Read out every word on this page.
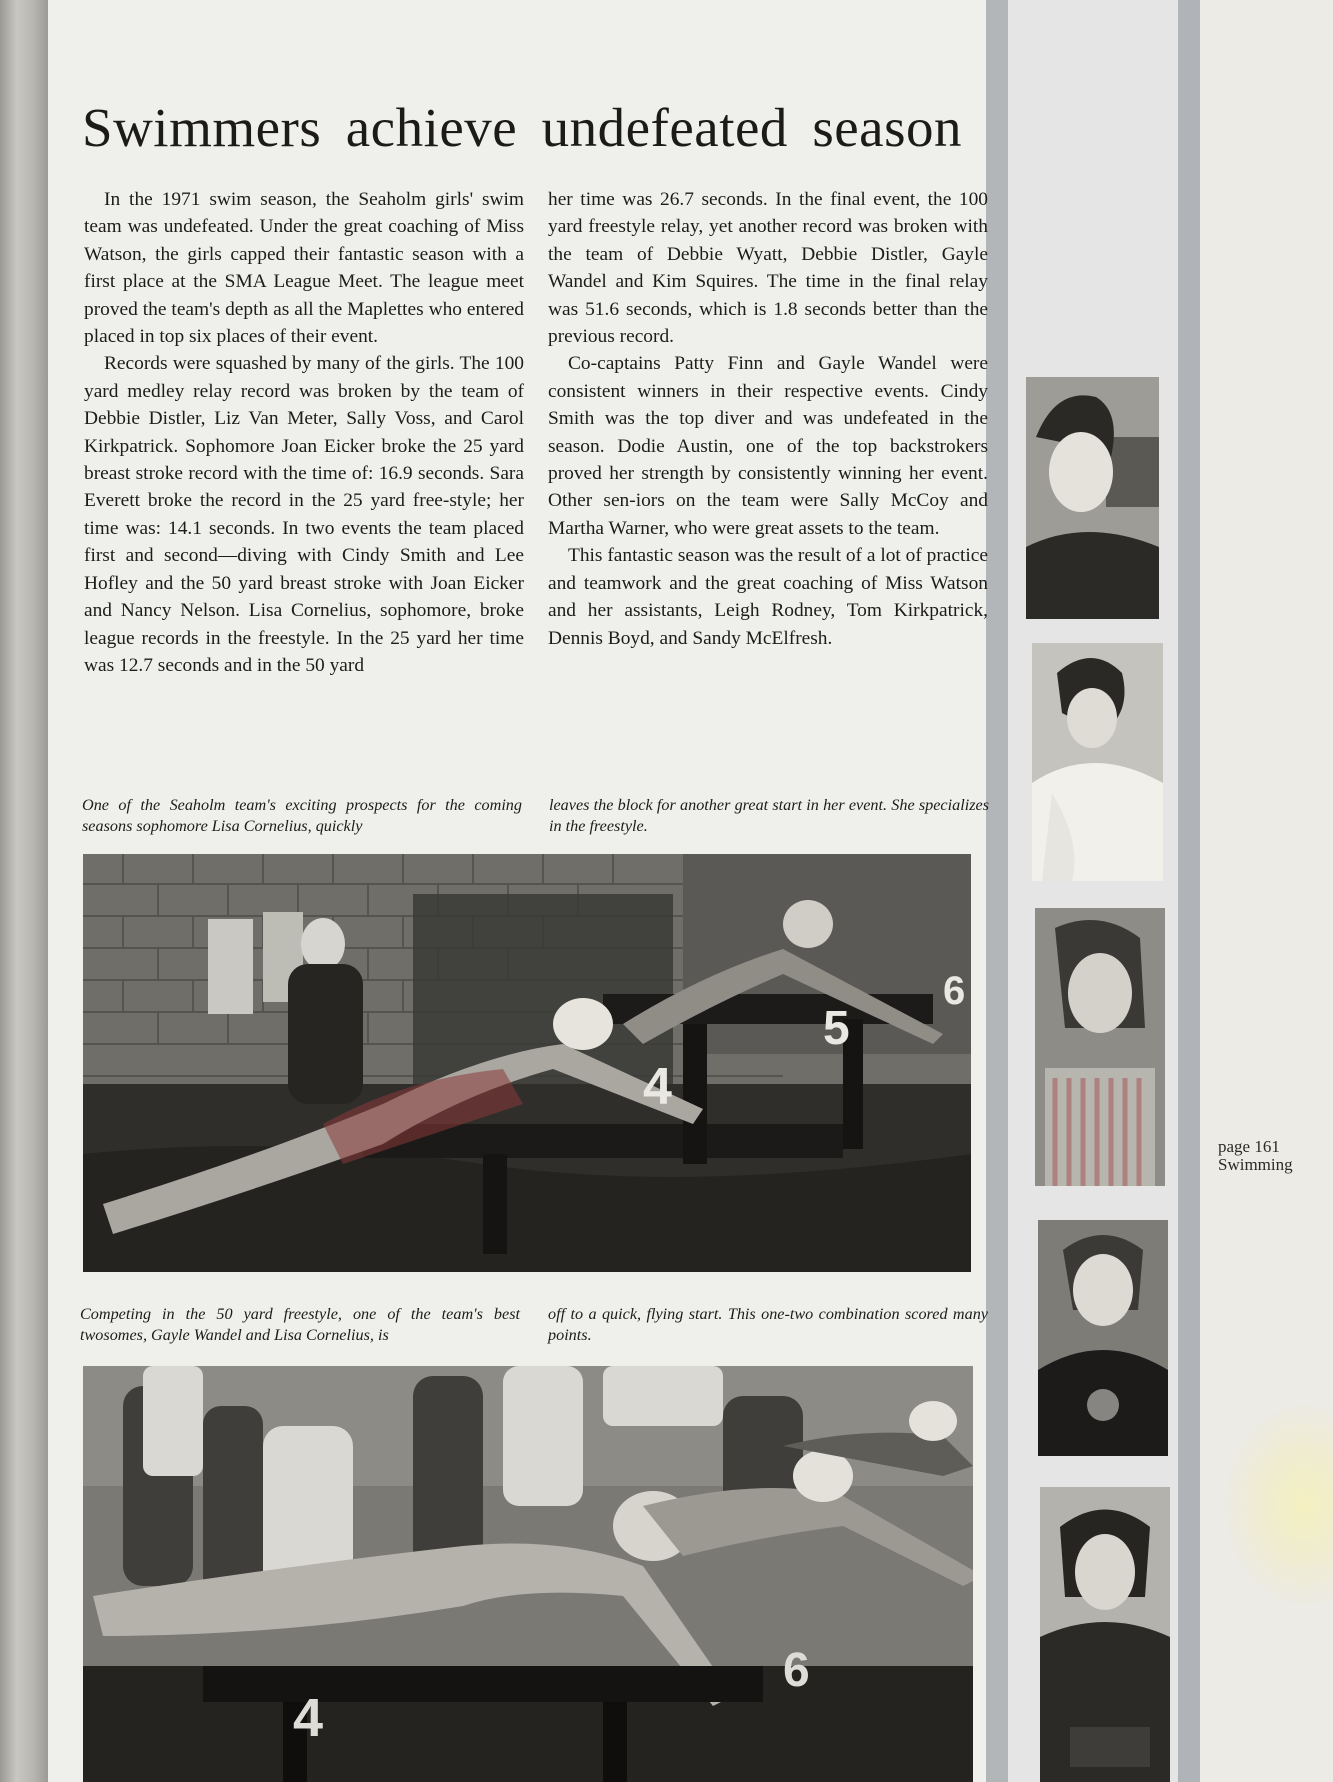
Swimmers achieve undefeated season

In the 1971 swim season, the Seaholm girls' swim team was undefeated. Under the great coaching of Miss Watson, the girls capped their fantastic season with a first place at the SMA League Meet. The league meet proved the team's depth as all the Maplettes who entered placed in top six places of their event.

Records were squashed by many of the girls. The 100 yard medley relay record was broken by the team of Debbie Distler, Liz Van Meter, Sally Voss, and Carol Kirkpatrick. Sophomore Joan Eicker broke the 25 yard breast stroke record with the time of: 16.9 seconds. Sara Everett broke the record in the 25 yard free-style; her time was: 14.1 seconds. In two events the team placed first and second—diving with Cindy Smith and Lee Hofley and the 50 yard breast stroke with Joan Eicker and Nancy Nelson. Lisa Cornelius, sophomore, broke league records in the freestyle. In the 25 yard her time was 12.7 seconds and in the 50 yard

her time was 26.7 seconds. In the final event, the 100 yard freestyle relay, yet another record was broken with the team of Debbie Wyatt, Debbie Distler, Gayle Wandel and Kim Squires. The time in the final relay was 51.6 seconds, which is 1.8 seconds better than the previous record.

Co-captains Patty Finn and Gayle Wandel were consistent winners in their respective events. Cindy Smith was the top diver and was undefeated in the season. Dodie Austin, one of the top backstrokers proved her strength by consistently winning her event. Other sen-iors on the team were Sally McCoy and Martha Warner, who were great assets to the team.

This fantastic season was the result of a lot of practice and teamwork and the great coaching of Miss Watson and her assistants, Leigh Rodney, Tom Kirkpatrick, Dennis Boyd, and Sandy McElfresh.

One of the Seaholm team's exciting prospects for the coming seasons sophomore Lisa Cornelius, quickly

leaves the block for another great start in her event. She specializes in the freestyle.

4
5
6

Competing in the 50 yard freestyle, one of the team's best twosomes, Gayle Wandel and Lisa Cornelius, is

off to a quick, flying start. This one-two combination scored many points.

4
6
page 161
Swimming
